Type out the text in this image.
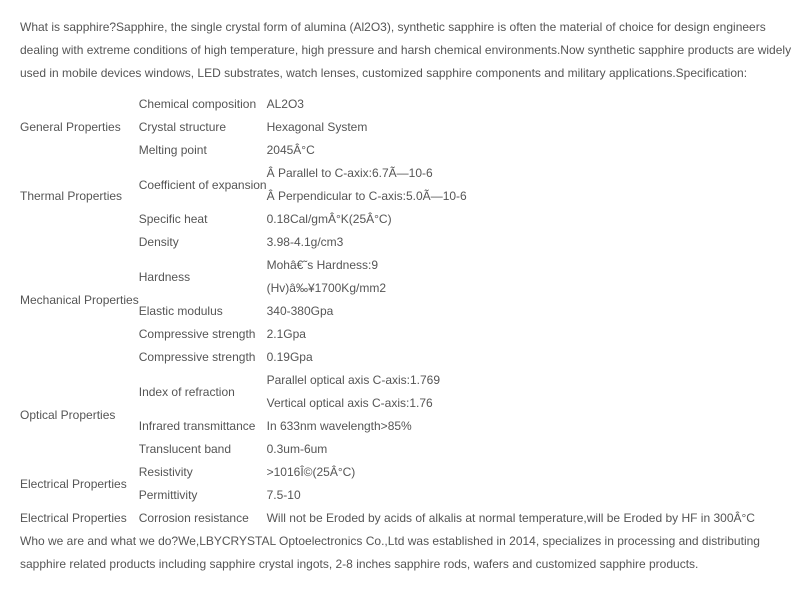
What is sapphire?Sapphire, the single crystal form of alumina (Al2O3), synthetic sapphire is often the material of choice for design engineers dealing with extreme conditions of high temperature, high pressure and harsh chemical environments.Now synthetic sapphire products are widely used in mobile devices windows, LED substrates, watch lenses, customized sapphire components and military applications.Specification:

General Properties	Chemical composition	AL2O3
	Crystal structure	Hexagonal System
	Melting point	2045Â°C
Thermal Properties	Coefficient of expansion	Â Parallel to C-axix:6.7Ã—10-6
		Â Perpendicular to C-axis:5.0Ã—10-6
	Specific heat	0.18Cal/gmÂ°K(25Â°C)
Mechanical Properties	Density	3.98-4.1g/cm3
	Hardness	Mohâ€˜s Hardness:9
		(Hv)â‰¥1700Kg/mm2
	Elastic modulus	340-380Gpa
	Compressive strength	2.1Gpa
	Compressive strength	0.19Gpa
Optical Properties	Index of refraction	Parallel optical axis C-axis:1.769
		Vertical optical axis C-axis:1.76
	Infrared transmittance	In 633nm wavelength>85%
	Translucent band	0.3um-6um
Electrical Properties	Resistivity	>1016Î©(25Â°C)
	Permittivity	7.5-10
Electrical Properties	Corrosion resistance	Will not be Eroded by acids of alkalis at normal temperature,will be Eroded by HF in 300Â°C

Who we are and what we do?We,LBYCRYSTAL Optoelectronics Co.,Ltd was established in 2014, specializes in processing and distributing sapphire related products including sapphire crystal ingots, 2-8 inches sapphire rods, wafers and customized sapphire products.
